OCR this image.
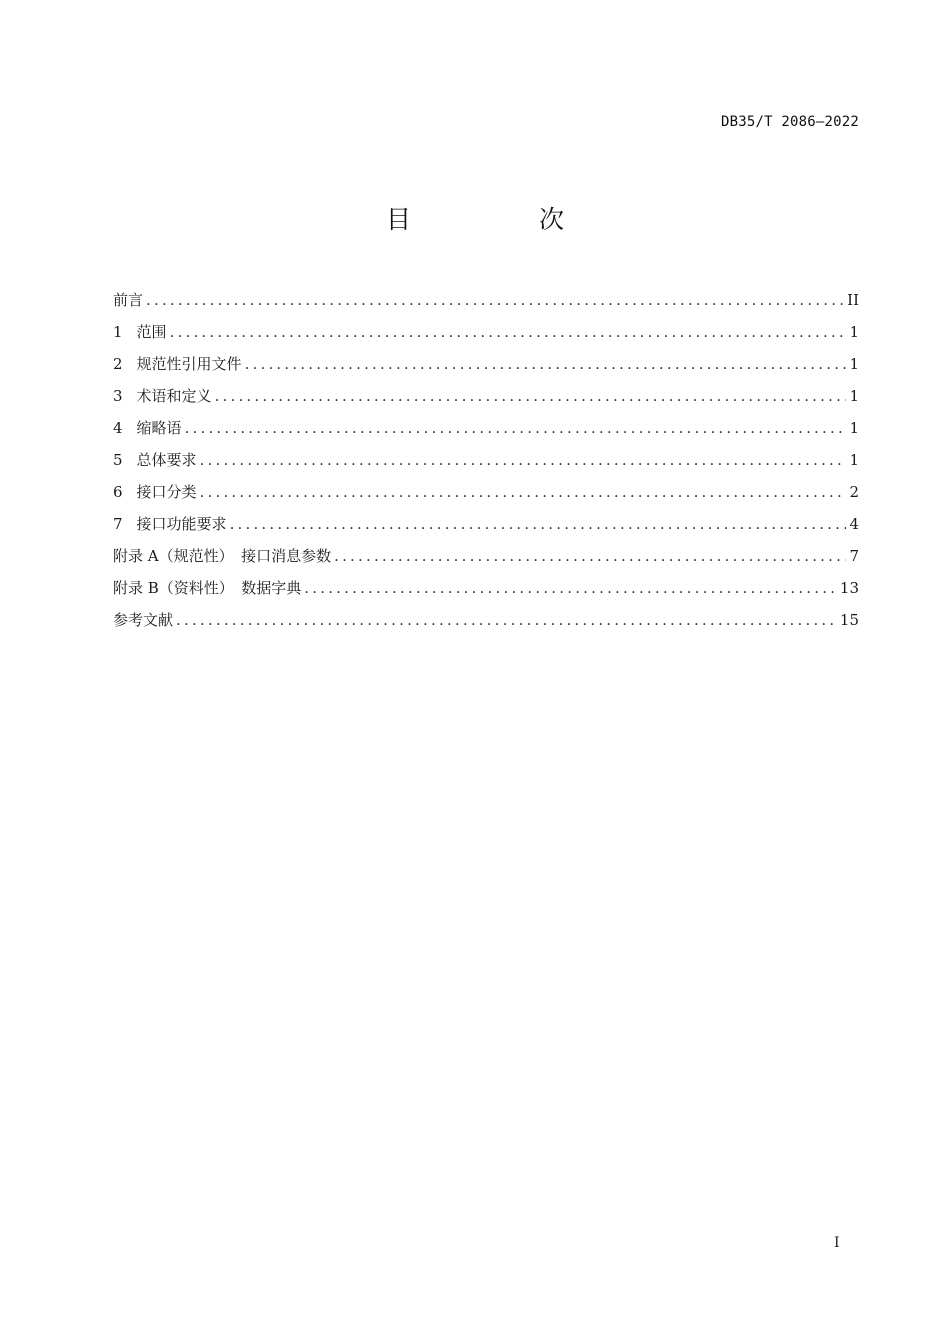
DB35/T 2086—2022
目 次
前言 .....	II
1 范围 .....	1
2 规范性引用文件 .....	1
3 术语和定义 .....	1
4 缩略语 .....	1
5 总体要求 .....	1
6 接口分类 .....	2
7 接口功能要求 .....	4
附录 A（规范性）　接口消息参数 .....	7
附录 B（资料性）　数据字典 .....	13
参考文献 .....	15
I
